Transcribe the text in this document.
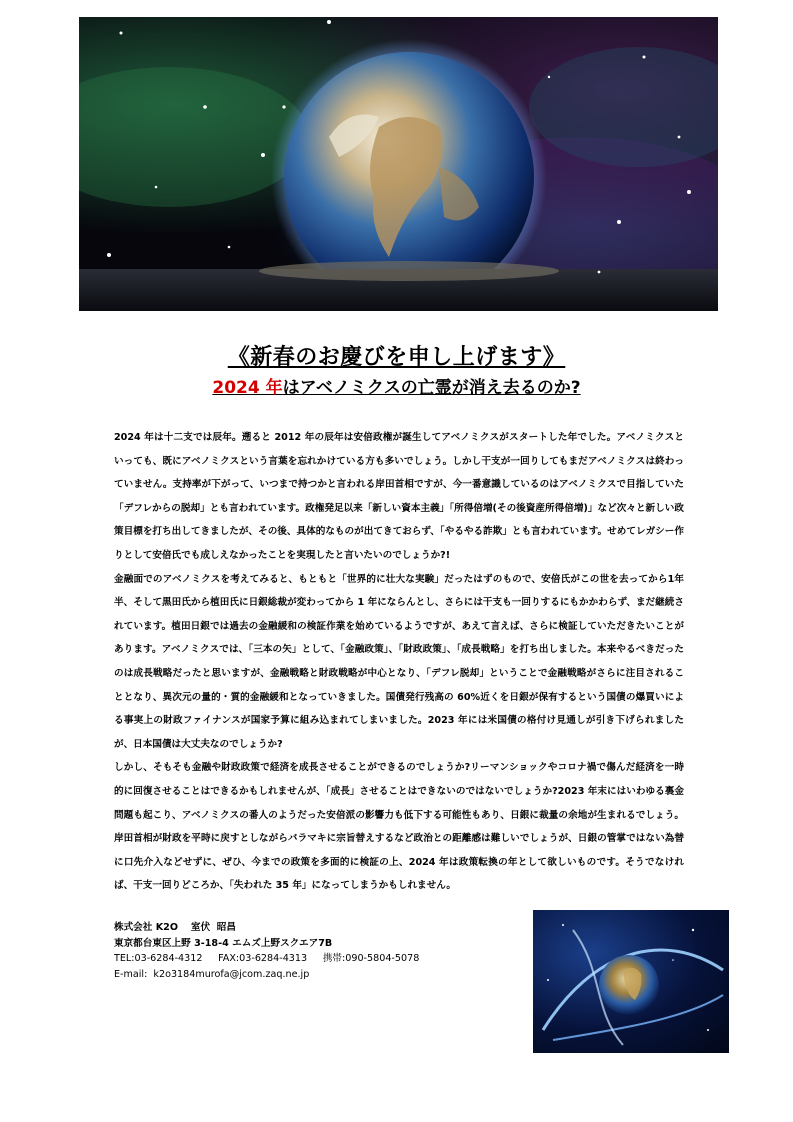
《新春のお慶びを申し上げます》
2024 年はアベノミクスの亡霊が消え去るのか?

2024 年は十二支では辰年。遡ると 2012 年の辰年は安倍政権が誕生してアベノミクスがスタートした年でした。アベノミクスといっても、既にアベノミクスという言葉を忘れかけている方も多いでしょう。しかし干支が一回りしてもまだアベノミクスは終わっていません。支持率が下がって、いつまで持つかと言われる岸田首相ですが、今一番意識しているのはアベノミクスで目指していた「デフレからの脱却」とも言われています。政権発足以来「新しい資本主義」「所得倍増(その後資産所得倍増)」など次々と新しい政策目標を打ち出してきましたが、その後、具体的なものが出てきておらず、「やるやる詐欺」とも言われています。せめてレガシー作りとして安倍氏でも成しえなかったことを実現したと言いたいのでしょうか?!

金融面でのアベノミクスを考えてみると、もともと「世界的に壮大な実験」だったはずのもので、安倍氏がこの世を去ってから1年半、そして黒田氏から植田氏に日銀総裁が変わってから 1 年にならんとし、さらには干支も一回りするにもかかわらず、まだ継続されています。植田日銀では過去の金融緩和の検証作業を始めているようですが、あえて言えば、さらに検証していただきたいことがあります。アベノミクスでは、「三本の矢」として、「金融政策」、「財政政策」、「成長戦略」を打ち出しました。本来やるべきだったのは成長戦略だったと思いますが、金融戦略と財政戦略が中心となり、「デフレ脱却」ということで金融戦略がさらに注目されることとなり、異次元の量的・質的金融緩和となっていきました。国債発行残高の 60%近くを日銀が保有するという国債の爆買いによる事実上の財政ファイナンスが国家予算に組み込まれてしまいました。2023 年には米国債の格付け見通しが引き下げられましたが、日本国債は大丈夫なのでしょうか?

しかし、そもそも金融や財政政策で経済を成長させることができるのでしょうか?リーマンショックやコロナ禍で傷んだ経済を一時的に回復させることはできるかもしれませんが、「成長」させることはできないのではないでしょうか?2023 年末にはいわゆる裏金問題も起こり、アベノミクスの番人のようだった安倍派の影響力も低下する可能性もあり、日銀に裁量の余地が生まれるでしょう。岸田首相が財政を平時に戻すとしながらバラマキに宗旨替えするなど政治との距離感は難しいでしょうが、日銀の管掌ではない為替に口先介入などせずに、ぜひ、今までの政策を多面的に検証の上、2024 年は政策転換の年として欲しいものです。そうでなければ、干支一回りどころか、「失われた 35 年」になってしまうかもしれません。

株式会社 K2O　 室伏  昭昌
東京都台東区上野 3-18-4 エムズ上野スクエア7B
TEL:03-6284-4312 　 FAX:03-6284-4313 　 携帯:090-5804-5078
E-mail:  k2o3184murofa@jcom.zaq.ne.jp
